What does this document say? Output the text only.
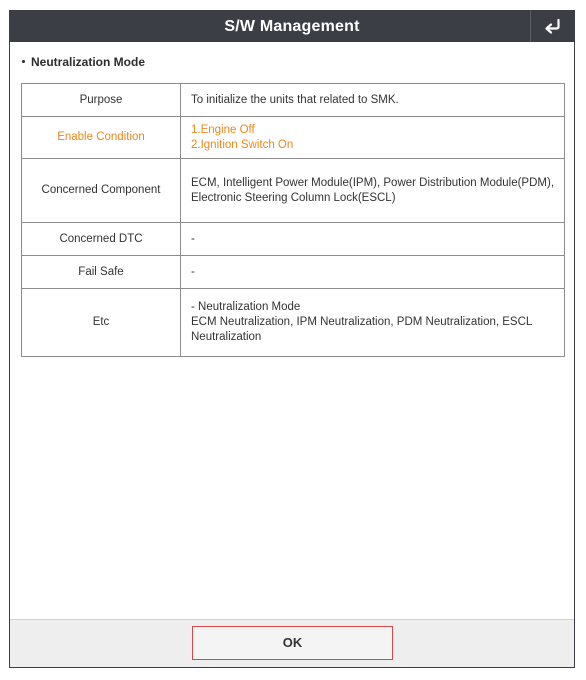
S/W Management
Neutralization Mode
Purpose	To initialize the units that related to SMK.

Enable Condition	1.Engine Off
2.Ignition Switch On

Concerned Component	ECM, Intelligent Power Module(IPM), Power Distribution Module(PDM), Electronic Steering Column Lock(ESCL)

Concerned DTC	-

Fail Safe	-

Etc	- Neutralization Mode
ECM Neutralization, IPM Neutralization, PDM Neutralization, ESCL Neutralization
OK
